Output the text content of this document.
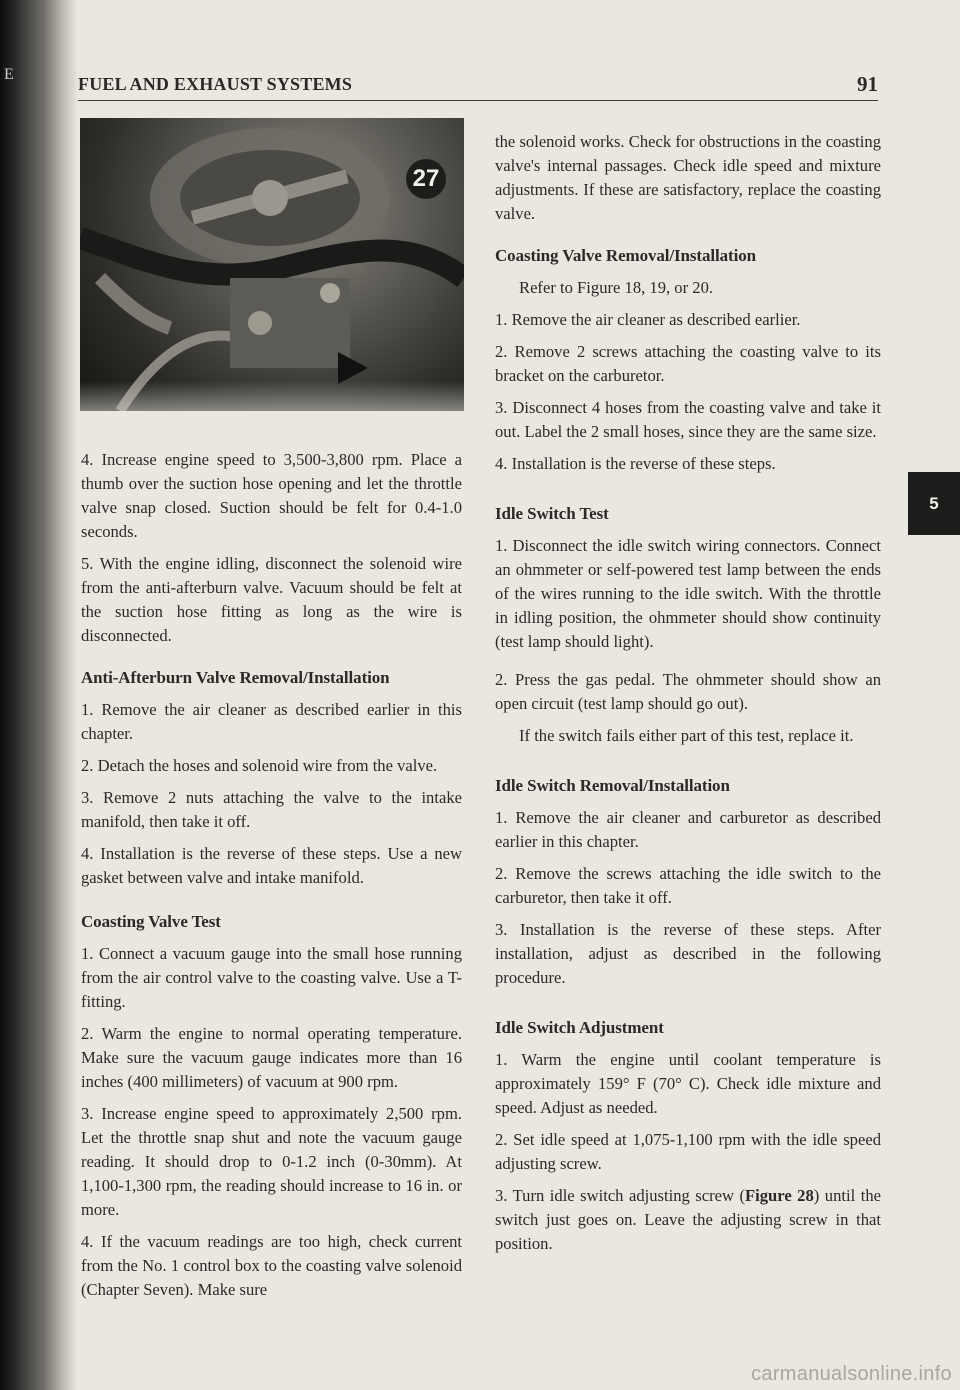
E	FUEL AND EXHAUST SYSTEMS	91
27

4. Increase engine speed to 3,500-3,800 rpm. Place a thumb over the suction hose opening and let the throttle valve snap closed. Suction should be felt for 0.4-1.0 seconds.

5. With the engine idling, disconnect the solenoid wire from the anti-afterburn valve. Vacuum should be felt at the suction hose fitting as long as the wire is disconnected.

Anti-Afterburn Valve Removal/Installation

1. Remove the air cleaner as described earlier in this chapter.

2. Detach the hoses and solenoid wire from the valve.

3. Remove 2 nuts attaching the valve to the intake manifold, then take it off.

4. Installation is the reverse of these steps. Use a new gasket between valve and intake manifold.

Coasting Valve Test

1. Connect a vacuum gauge into the small hose running from the air control valve to the coasting valve. Use a T-fitting.

2. Warm the engine to normal operating temperature. Make sure the vacuum gauge indicates more than 16 inches (400 millimeters) of vacuum at 900 rpm.

3. Increase engine speed to approximately 2,500 rpm. Let the throttle snap shut and note the vacuum gauge reading. It should drop to 0-1.2 inch (0-30mm). At 1,100-1,300 rpm, the reading should increase to 16 in. or more.

4. If the vacuum readings are too high, check current from the No. 1 control box to the coasting valve solenoid (Chapter Seven). Make sure

the solenoid works. Check for obstructions in the coasting valve's internal passages. Check idle speed and mixture adjustments. If these are satisfactory, replace the coasting valve.

Coasting Valve Removal/Installation

Refer to Figure 18, 19, or 20.

1. Remove the air cleaner as described earlier.

2. Remove 2 screws attaching the coasting valve to its bracket on the carburetor.

3. Disconnect 4 hoses from the coasting valve and take it out. Label the 2 small hoses, since they are the same size.

4. Installation is the reverse of these steps.

Idle Switch Test

1. Disconnect the idle switch wiring connectors. Connect an ohmmeter or self-powered test lamp between the ends of the wires running to the idle switch. With the throttle in idling position, the ohmmeter should show continuity (test lamp should light).

2. Press the gas pedal. The ohmmeter should show an open circuit (test lamp should go out).

If the switch fails either part of this test, replace it.

Idle Switch Removal/Installation

1. Remove the air cleaner and carburetor as described earlier in this chapter.

2. Remove the screws attaching the idle switch to the carburetor, then take it off.

3. Installation is the reverse of these steps. After installation, adjust as described in the following procedure.

Idle Switch Adjustment

1. Warm the engine until coolant temperature is approximately 159° F (70° C). Check idle mixture and speed. Adjust as needed.

2. Set idle speed at 1,075-1,100 rpm with the idle speed adjusting screw.

3. Turn idle switch adjusting screw (Figure 28) until the switch just goes on. Leave the adjusting screw in that position.

5
carmanualsonline.info
